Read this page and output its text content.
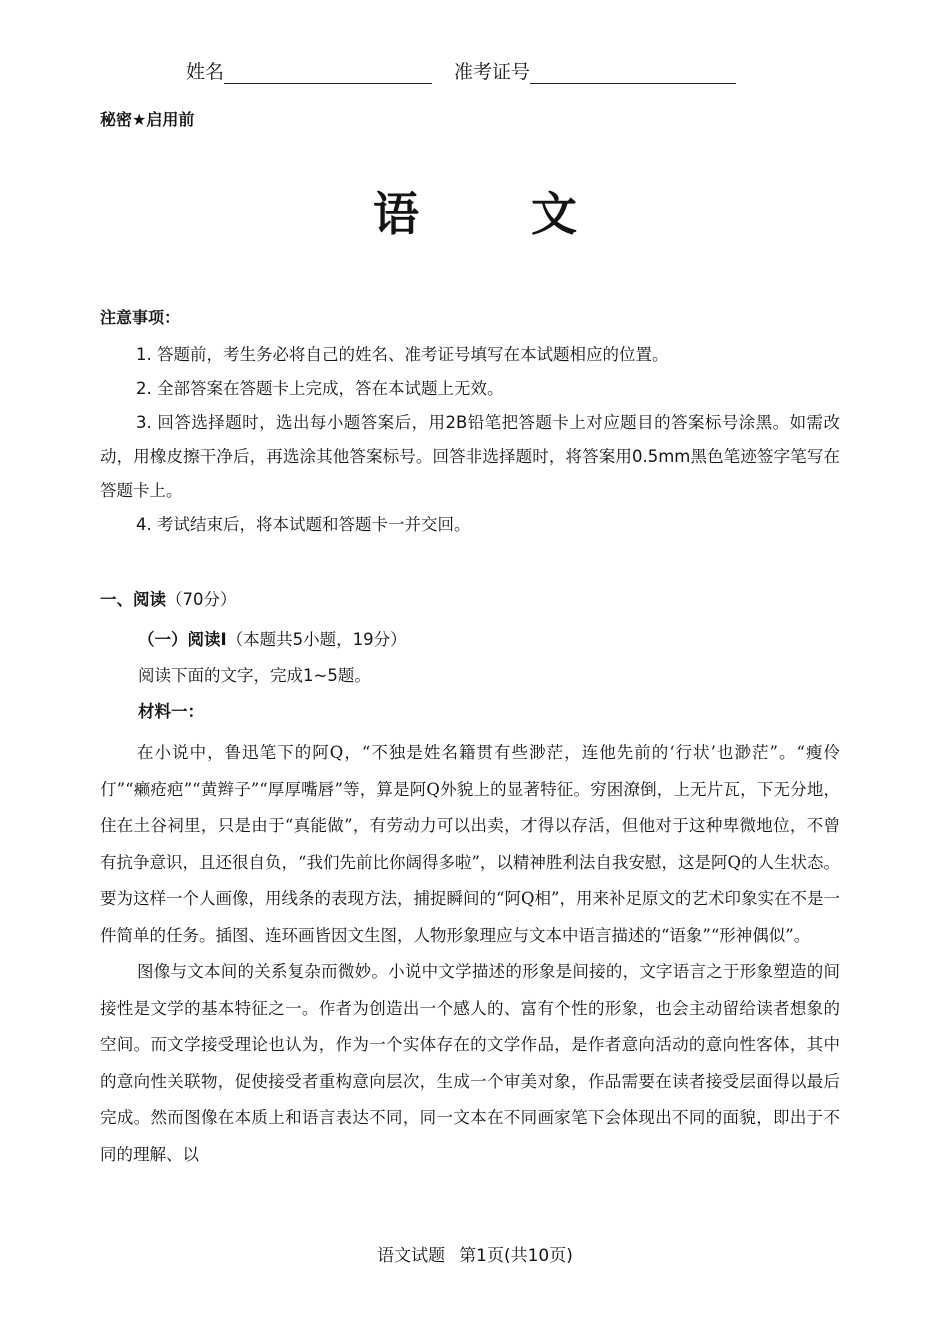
姓名	准考证号
秘密★启用前
语 文
注意事项：

1. 答题前，考生务必将自己的姓名、准考证号填写在本试题相应的位置。

2. 全部答案在答题卡上完成，答在本试题上无效。

3. 回答选择题时，选出每小题答案后，用2B铅笔把答题卡上对应题目的答案标号涂黑。如需改动，用橡皮擦干净后，再选涂其他答案标号。回答非选择题时，将答案用0.5mm黑色笔迹签字笔写在答题卡上。

4. 考试结束后，将本试题和答题卡一并交回。

一、阅读（70分）
（一）阅读Ⅰ（本题共5小题，19分）
阅读下面的文字，完成1~5题。
材料一：

在小说中，鲁迅笔下的阿Q，“不独是姓名籍贯有些渺茫，连他先前的‘行状’也渺茫”。“瘦伶仃”“癞疮疤”“黄辫子”“厚厚嘴唇”等，算是阿Q外貌上的显著特征。穷困潦倒，上无片瓦，下无分地，住在土谷祠里，只是由于“真能做”，有劳动力可以出卖，才得以存活，但他对于这种卑微地位，不曾有抗争意识，且还很自负，“我们先前比你阔得多啦”，以精神胜利法自我安慰，这是阿Q的人生状态。要为这样一个人画像，用线条的表现方法，捕捉瞬间的“阿Q相”，用来补足原文的艺术印象实在不是一件简单的任务。插图、连环画皆因文生图，人物形象理应与文本中语言描述的“语象”“形神偶似”。

图像与文本间的关系复杂而微妙。小说中文学描述的形象是间接的，文字语言之于形象塑造的间接性是文学的基本特征之一。作者为创造出一个感人的、富有个性的形象，也会主动留给读者想象的空间。而文学接受理论也认为，作为一个实体存在的文学作品，是作者意向活动的意向性客体，其中的意向性关联物，促使接受者重构意向层次，生成一个审美对象，作品需要在读者接受层面得以最后完成。然而图像在本质上和语言表达不同，同一文本在不同画家笔下会体现出不同的面貌，即出于不同的理解、以

语文试题 第1页(共10页)
